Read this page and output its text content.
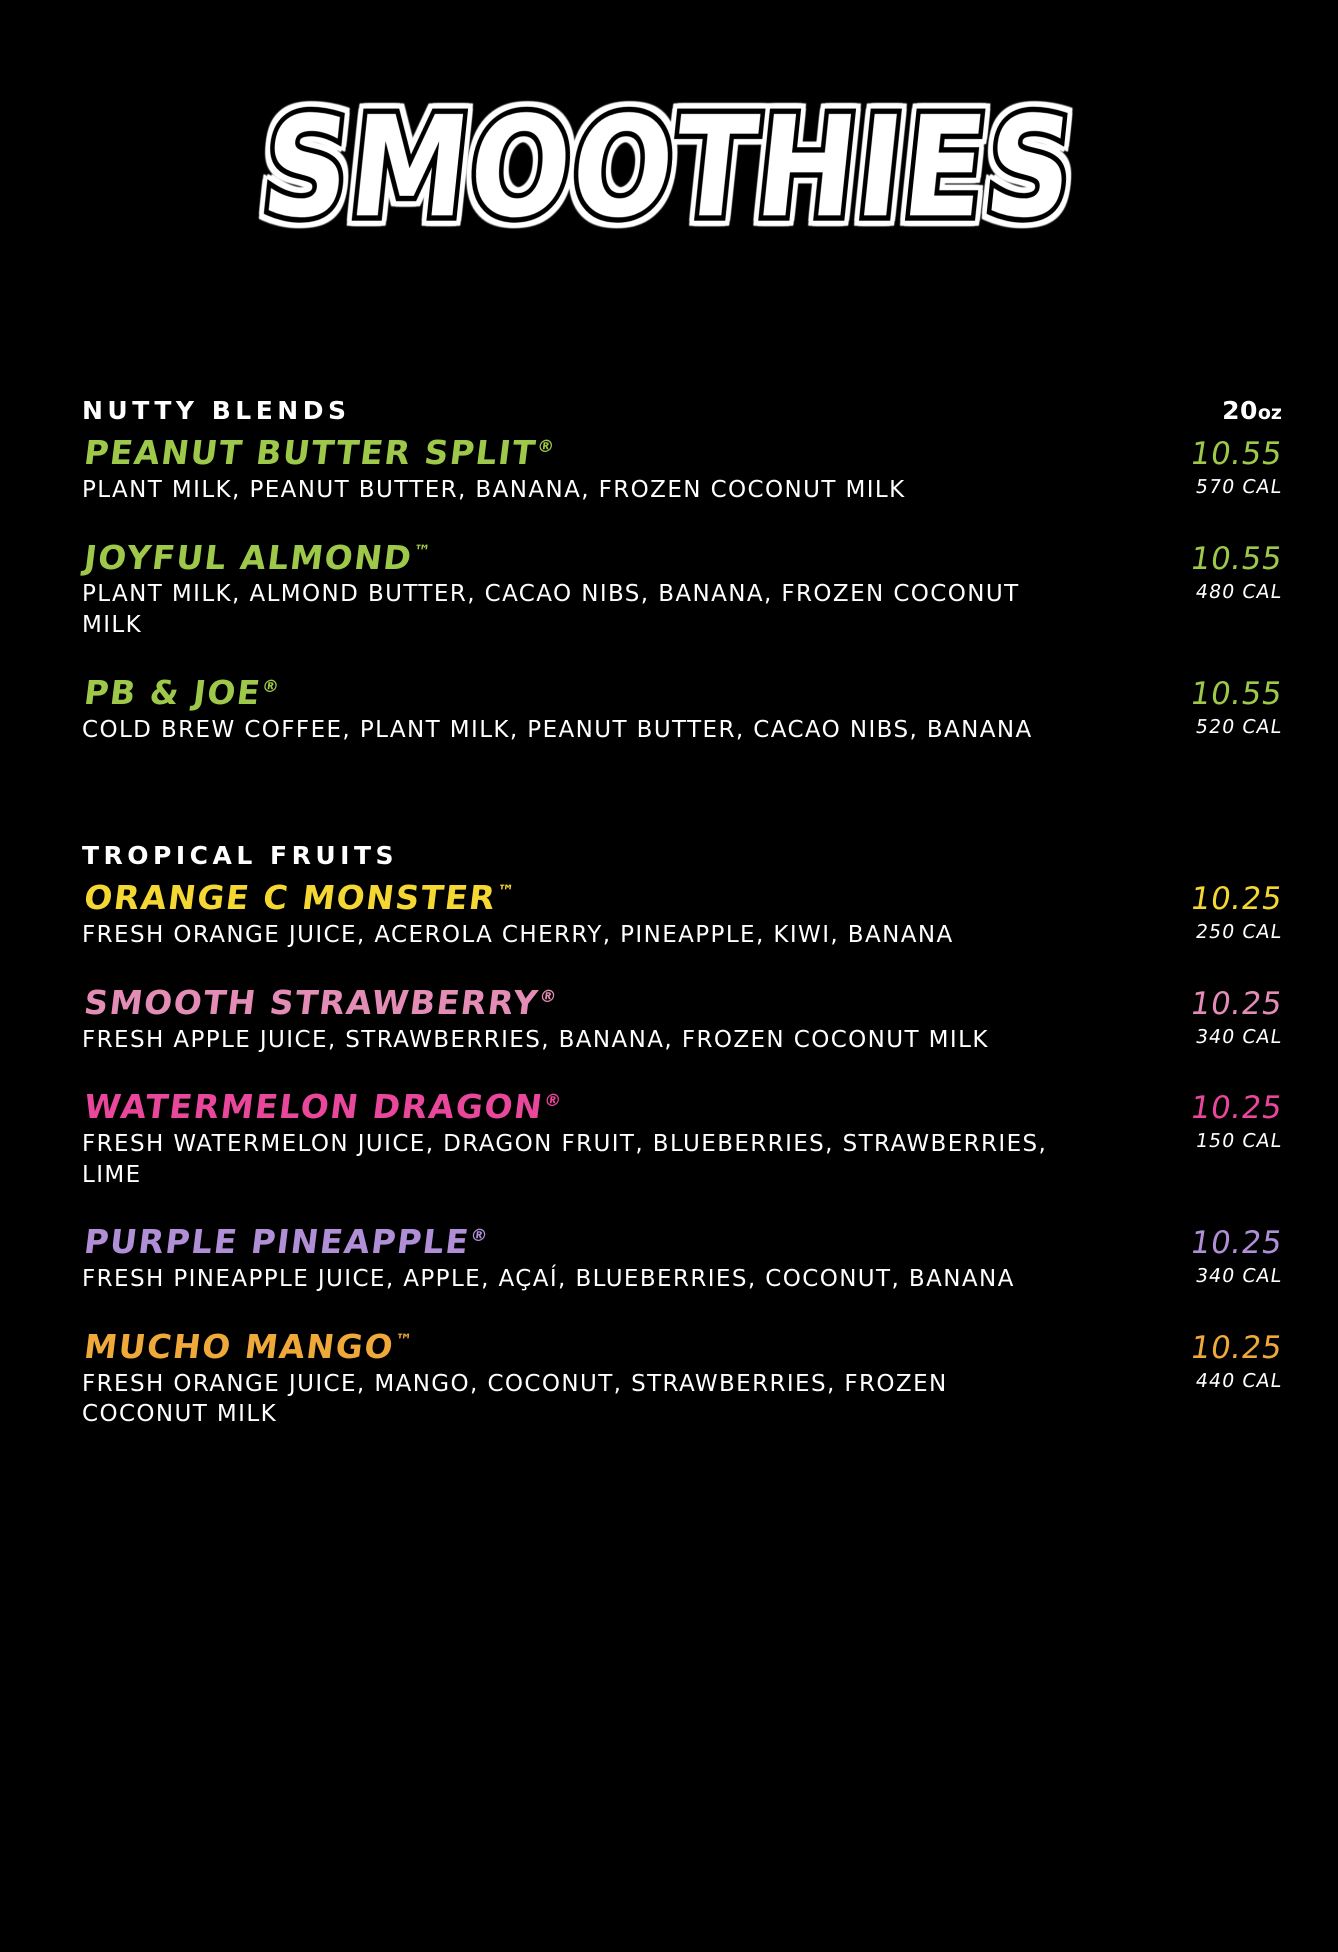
SMOOTHIES
NUTTY BLENDS	20oz
PEANUT BUTTER SPLIT®
PLANT MILK, PEANUT BUTTER, BANANA, FROZEN COCONUT MILK
10.55
570 CAL
JOYFUL ALMOND™
PLANT MILK, ALMOND BUTTER, CACAO NIBS, BANANA, FROZEN COCONUT MILK
10.55
480 CAL
PB & JOE®
COLD BREW COFFEE, PLANT MILK, PEANUT BUTTER, CACAO NIBS, BANANA
10.55
520 CAL
TROPICAL FRUITS
ORANGE C MONSTER™
FRESH ORANGE JUICE, ACEROLA CHERRY, PINEAPPLE, KIWI, BANANA
10.25
250 CAL
SMOOTH STRAWBERRY®
FRESH APPLE JUICE, STRAWBERRIES, BANANA, FROZEN COCONUT MILK
10.25
340 CAL
WATERMELON DRAGON®
FRESH WATERMELON JUICE, DRAGON FRUIT, BLUEBERRIES, STRAWBERRIES, LIME
10.25
150 CAL
PURPLE PINEAPPLE®
FRESH PINEAPPLE JUICE, APPLE, AÇAÍ, BLUEBERRIES, COCONUT, BANANA
10.25
340 CAL
MUCHO MANGO™
FRESH ORANGE JUICE, MANGO, COCONUT, STRAWBERRIES, FROZEN COCONUT MILK
10.25
440 CAL
